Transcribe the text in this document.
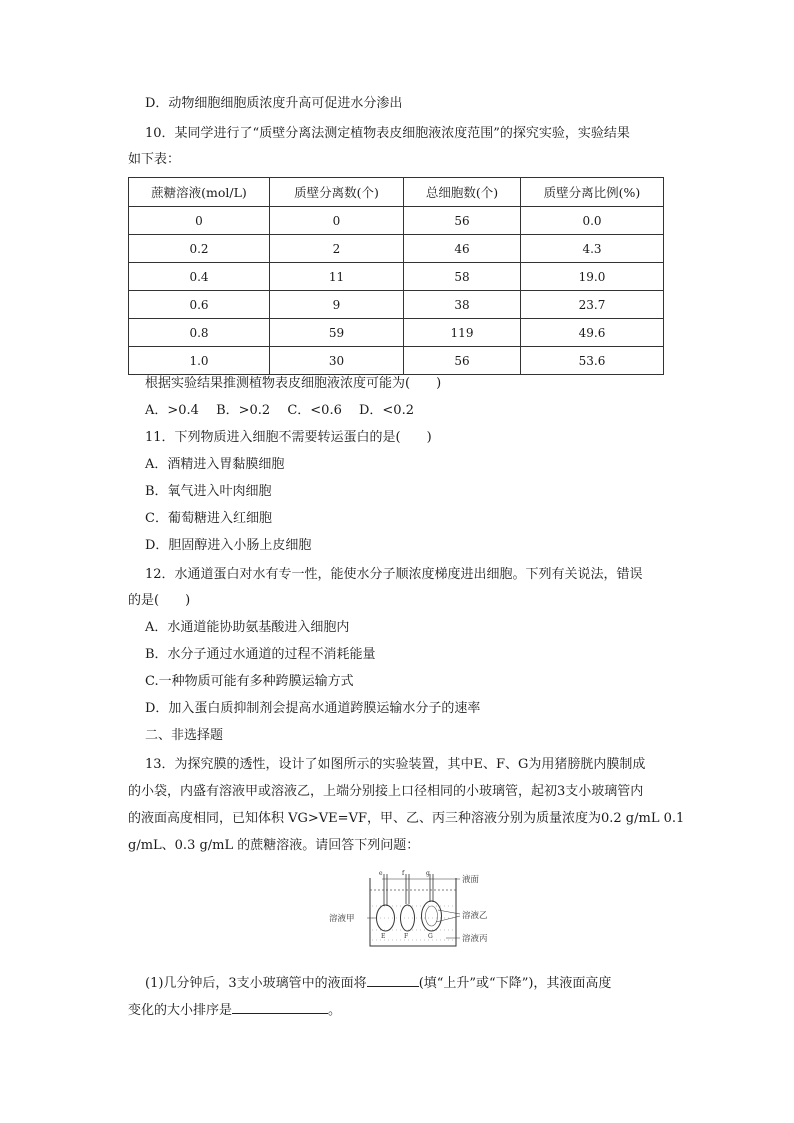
D．动物细胞细胞质浓度升高可促进水分渗出
10．某同学进行了“质壁分离法测定植物表皮细胞液浓度范围”的探究实验，实验结果
如下表：
蔗糖溶液(mol/L)	质壁分离数(个)	总细胞数(个)	质壁分离比例(%)
0	0	56	0.0
0.2	2	46	4.3
0.4	11	58	19.0
0.6	9	38	23.7
0.8	59	119	49.6
1.0	30	56	53.6
根据实验结果推测植物表皮细胞液浓度可能为(　　)
A．>0.4　 B．>0.2　 C．<0.6　 D．<0.2
11．下列物质进入细胞不需要转运蛋白的是(　　)
A．酒精进入胃黏膜细胞
B．氧气进入叶肉细胞
C．葡萄糖进入红细胞
D．胆固醇进入小肠上皮细胞
12．水通道蛋白对水有专一性，能使水分子顺浓度梯度进出细胞。下列有关说法，错误
的是(　　)
A．水通道能协助氨基酸进入细胞内
B．水分子通过水通道的过程不消耗能量
C.一种物质可能有多种跨膜运输方式
D．加入蛋白质抑制剂会提高水通道跨膜运输水分子的速率
二、非选择题
13．为探究膜的透性，设计了如图所示的实验装置，其中E、F、G为用猪膀胱内膜制成
的小袋，内盛有溶液甲或溶液乙，上端分别接上口径相同的小玻璃管，起初3支小玻璃管内
的液面高度相同，已知体积 VG>VE=VF，甲、乙、丙三种溶液分别为质量浓度为0.2 g/mL 0.1
g/mL、0.3 g/mL 的蔗糖溶液。请回答下列问题：
e	f	g
E	F	G
液面
溶液甲	溶液乙
溶液丙
(1)几分钟后，3支小玻璃管中的液面将	(填“上升”或“下降”)，其液面高度
变化的大小排序是	。
